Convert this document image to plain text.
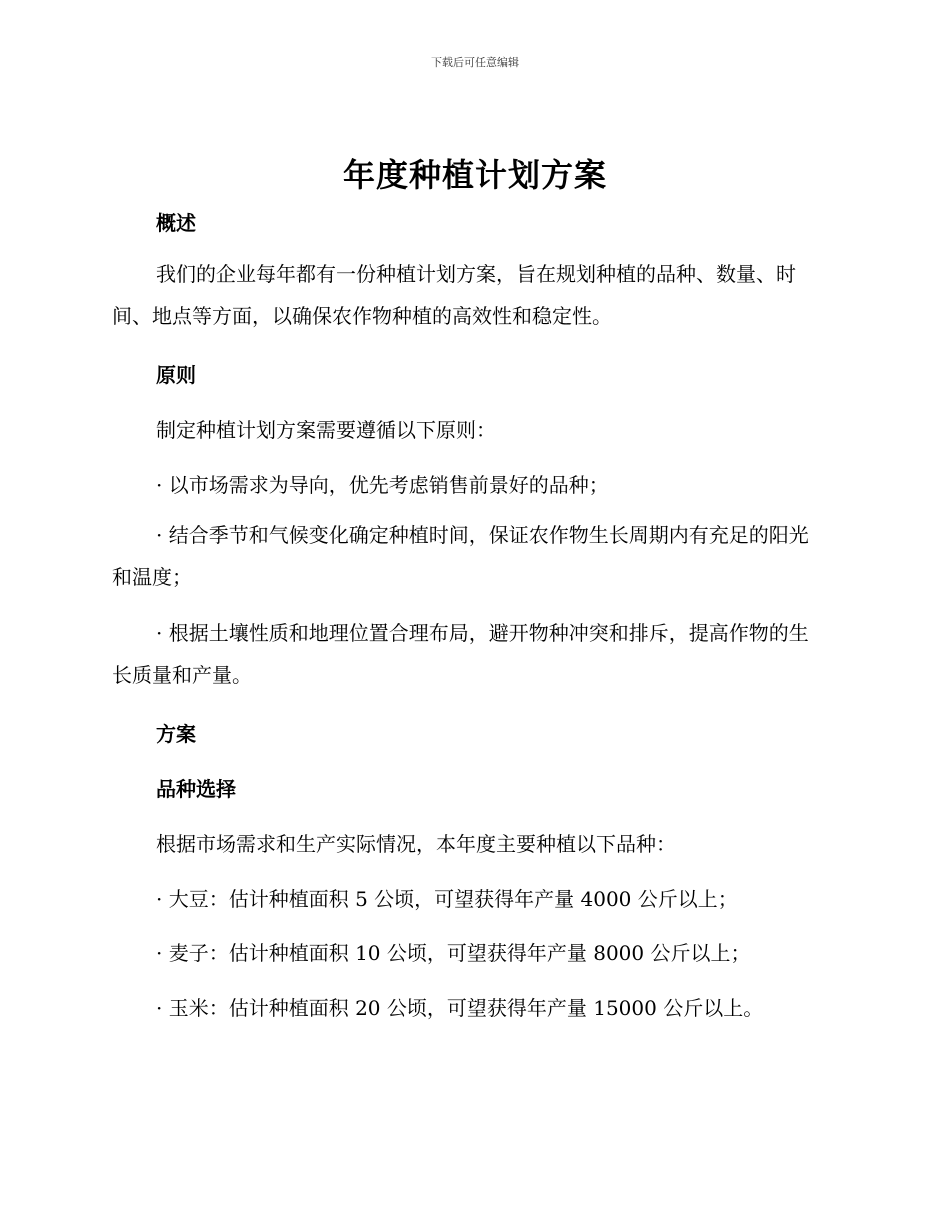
下载后可任意编辑
年度种植计划方案
概述

我们的企业每年都有一份种植计划方案，旨在规划种植的品种、数量、时间、地点等方面，以确保农作物种植的高效性和稳定性。

原则
制定种植计划方案需要遵循以下原则：
· 以市场需求为导向，优先考虑销售前景好的品种；

· 结合季节和气候变化确定种植时间，保证农作物生长周期内有充足的阳光和温度；

· 根据土壤性质和地理位置合理布局，避开物种冲突和排斥，提高作物的生长质量和产量。

方案
品种选择
根据市场需求和生产实际情况，本年度主要种植以下品种：
· 大豆：估计种植面积 5 公顷，可望获得年产量 4000 公斤以上；
· 麦子：估计种植面积 10 公顷，可望获得年产量 8000 公斤以上；
· 玉米：估计种植面积 20 公顷，可望获得年产量 15000 公斤以上。
